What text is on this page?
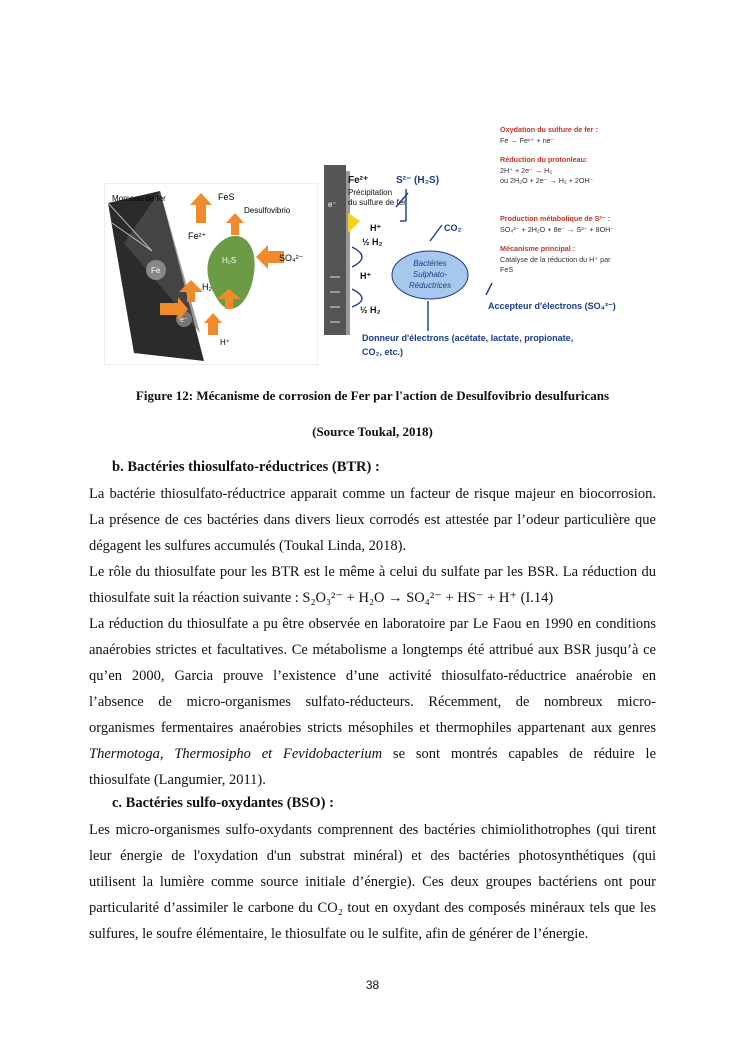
Morceau de fer	FeS
Desulfovibrio
Fe²⁺
H₂S	SO₄²⁻
Fe
H₂
e⁻
H⁺
Oxydation du sulfure de fer :
Fe → Feⁿ⁺ + ne⁻
Réduction du protonleau:
2H⁺ + 2e⁻ → H₂
ou 2H₂O + 2e⁻ → H₂ + 2OH⁻
Production métabolique de S²⁻ :
SO₄²⁻ + 2H₂O + 8e⁻ → S²⁻ + 8OH⁻
Mécanisme principal :
Catalyse de la réduction du H⁺ par
FeS
Fe²⁺
Précipitation
du sulfure de fer
S²⁻ (H₂S)
e⁻
H⁺
½ H₂
H⁺
½ H₂
CO₂
Bactéries
Sulphato-
Réductrices
Accepteur d'électrons (SO₄²⁻)
Donneur d'électrons (acétate, lactate, propionate,
CO₂, etc.)
Figure 12: Mécanisme de corrosion de Fer par l'action de Desulfovibrio desulfuricans
(Source Toukal, 2018)
b. Bactéries thiosulfato-réductrices (BTR) :
La bactérie thiosulfato-réductrice apparait comme un facteur de risque majeur en biocorrosion.
La présence de ces bactéries dans divers lieux corrodés est attestée par l’odeur particulière que
dégagent les sulfures accumulés (Toukal Linda, 2018).
Le rôle du thiosulfate pour les BTR est le même à celui du sulfate par les BSR. La réduction du
thiosulfate suit la réaction suivante : S₂O₃²⁻ + H₂O → SO₄²⁻ + HS⁻ + H⁺ (I.14)
La réduction du thiosulfate a pu être observée en laboratoire par Le Faou en 1990 en conditions
anaérobies strictes et facultatives. Ce métabolisme a longtemps été attribué aux BSR jusqu’à ce
qu’en 2000, Garcia prouve l’existence d’une activité thiosulfato-réductrice anaérobie en
l’absence de micro-organismes sulfato-réducteurs. Récemment, de nombreux micro-
organismes fermentaires anaérobies stricts mésophiles et thermophiles appartenant aux genres
Thermotoga, Thermosipho et Fevidobacterium se sont montrés capables de réduire le
thiosulfate (Langumier, 2011).
c. Bactéries sulfo-oxydantes (BSO) :
Les micro-organismes sulfo-oxydants comprennent des bactéries chimiolithotrophes (qui tirent
leur énergie de l'oxydation d'un substrat minéral) et des bactéries photosynthétiques (qui
utilisent la lumière comme source initiale d’énergie). Ces deux groupes bactériens ont pour
particularité d’assimiler le carbone du CO₂ tout en oxydant des composés minéraux tels que les
sulfures, le soufre élémentaire, le thiosulfate ou le sulfite, afin de générer de l’énergie.
38
